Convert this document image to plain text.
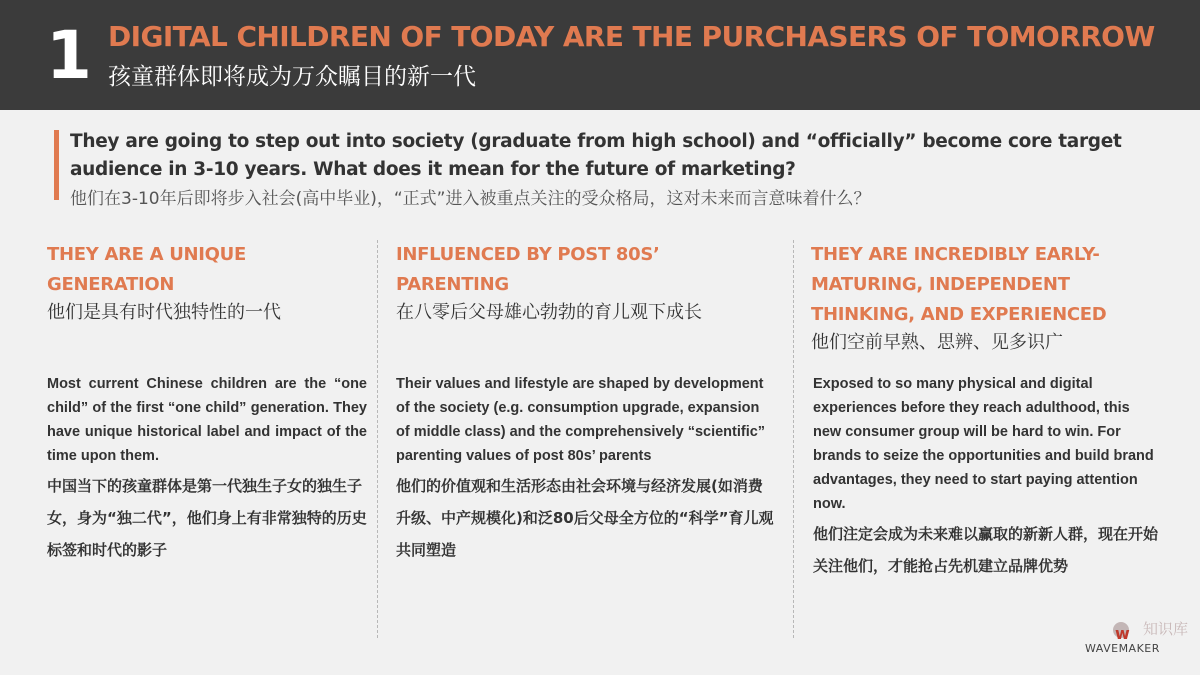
1 DIGITAL CHILDREN OF TODAY ARE THE PURCHASERS OF TOMORROW
孩童群体即将成为万众瞩目的新一代
They are going to step out into society (graduate from high school) and “officially” become core target audience in 3-10 years. What does it mean for the future of marketing?
他们在3-10年后即将步入社会(高中毕业)，“正式”进入被重点关注的受众格局，这对未来而言意味着什么？
THEY ARE A UNIQUE GENERATION
他们是具有时代独特性的一代
Most current Chinese children are the “one child” of the first “one child” generation. They have unique historical label and impact of the time upon them.
中国当下的孩童群体是第一代独生子女的独生子女，身为“独二代”，他们身上有非常独特的历史标签和时代的影子
INFLUENCED BY POST 80S’ PARENTING
在八零后父母雄心勃勃的育儿观下成长
Their values and lifestyle are shaped by development of the society (e.g. consumption upgrade, expansion of middle class) and the comprehensively “scientific” parenting values of post 80s’ parents
他们的价值观和生活形态由社会环境与经济发展(如消费升级、中产规模化)和泛80后父母全方位的“科学”育儿观共同塑造
THEY ARE INCREDIBLY EARLY-MATURING, INDEPENDENT THINKING, AND EXPERIENCED
他们空前早熟、思辨、见多识广
Exposed to so many physical and digital experiences before they reach adulthood, this new consumer group will be hard to win. For brands to seize the opportunities and build brand advantages, they need to start paying attention now.
他们注定会成为未来难以赢取的新新人群，现在开始关注他们，才能抢占先机建立品牌优势
w 知识库
WAVEMAKER
